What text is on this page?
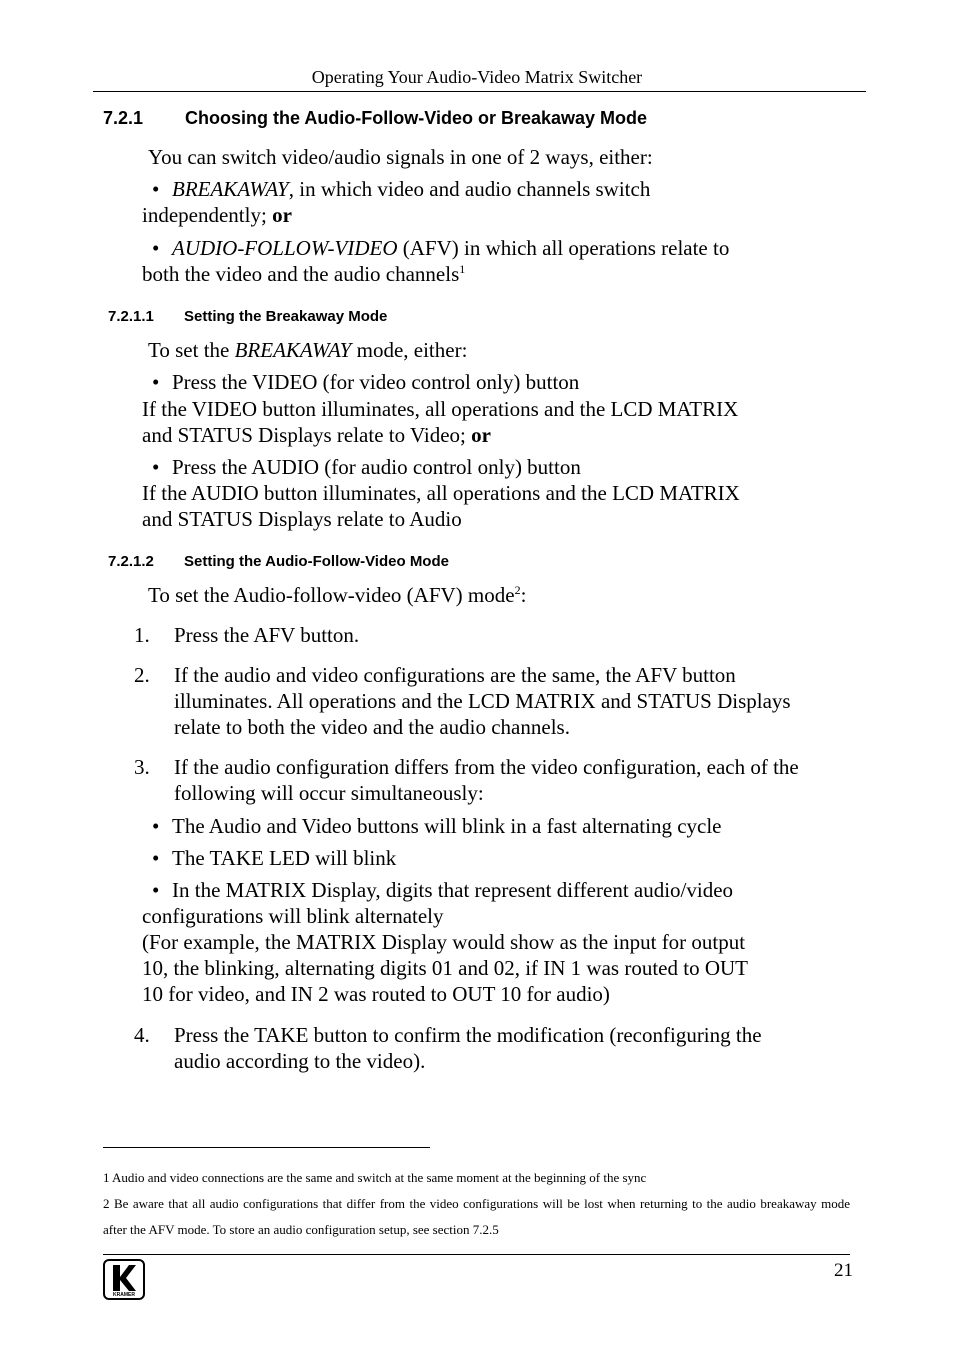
Operating Your Audio-Video Matrix Switcher
7.2.1 Choosing the Audio-Follow-Video or Breakaway Mode
You can switch video/audio signals in one of 2 ways, either:
• BREAKAWAY, in which video and audio channels switch
independently; or
• AUDIO-FOLLOW-VIDEO (AFV) in which all operations relate to
both the video and the audio channels$^1$
7.2.1.1 Setting the Breakaway Mode
To set the BREAKAWAY mode, either:
• Press the VIDEO (for video control only) button
If the VIDEO button illuminates, all operations and the LCD MATRIX
and STATUS Displays relate to Video; or
• Press the AUDIO (for audio control only) button
If the AUDIO button illuminates, all operations and the LCD MATRIX
and STATUS Displays relate to Audio
7.2.1.2 Setting the Audio-Follow-Video Mode
To set the Audio-follow-video (AFV) mode$^2$:
1.	Press the AFV button.
2.	If the audio and video configurations are the same, the AFV button
illuminates. All operations and the LCD MATRIX and STATUS Displays
relate to both the video and the audio channels.
3.	If the audio configuration differs from the video configuration, each of the
following will occur simultaneously:
• The Audio and Video buttons will blink in a fast alternating cycle
• The TAKE LED will blink
• In the MATRIX Display, digits that represent different audio/video
configurations will blink alternately
(For example, the MATRIX Display would show as the input for output
10, the blinking, alternating digits 01 and 02, if IN 1 was routed to OUT
10 for video, and IN 2 was routed to OUT 10 for audio)
4.	Press the TAKE button to confirm the modification (reconfiguring the
audio according to the video).
1 Audio and video connections are the same and switch at the same moment at the beginning of the sync
2 Be aware that all audio configurations that differ from the video configurations will be lost when returning to the audio breakaway mode after the AFV mode. To store an audio configuration setup, see section 7.2.5
KRAMER
21
